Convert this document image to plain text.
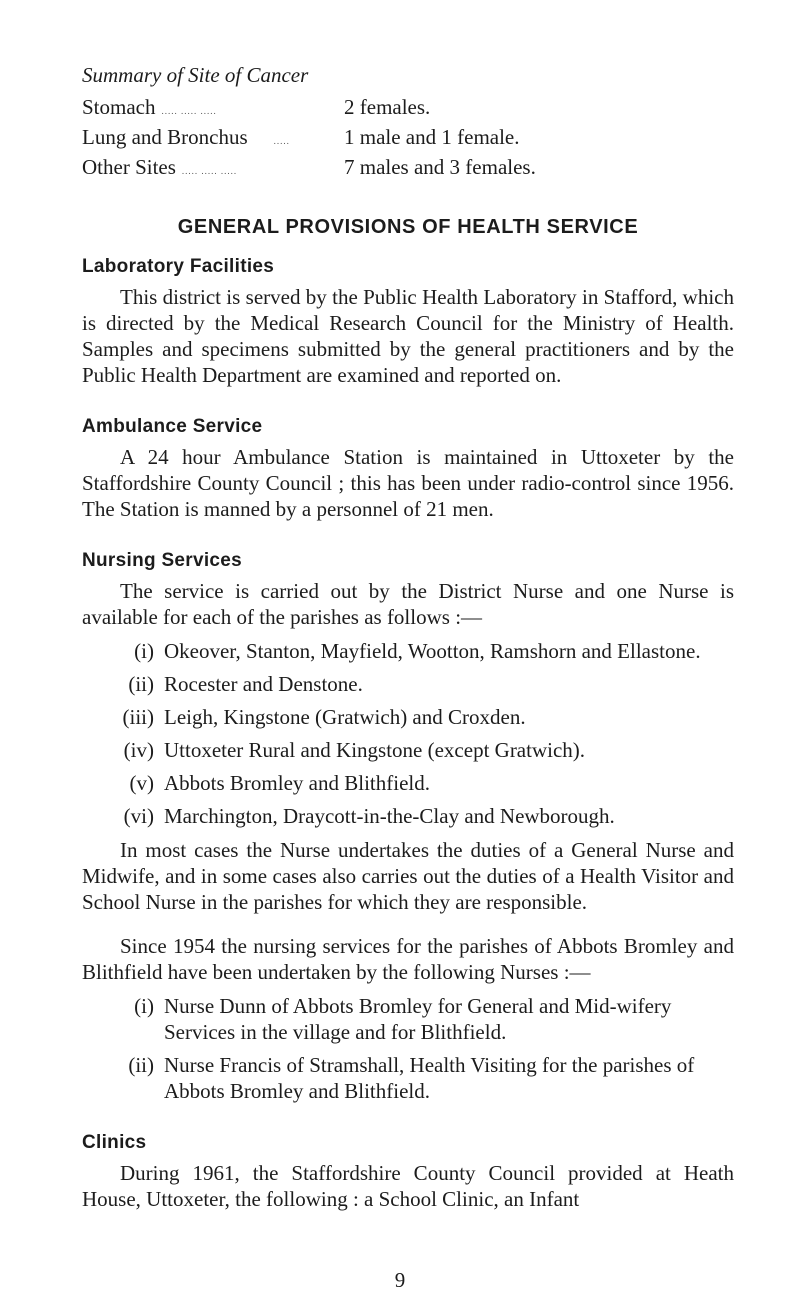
Summary of Site of Cancer
Stomach ..... ..... .....	2 females.
Lung and Bronchus .....	1 male and 1 female.
Other Sites ..... ..... .....	7 males and 3 females.
GENERAL PROVISIONS OF HEALTH SERVICE
Laboratory Facilities

This district is served by the Public Health Laboratory in Stafford, which is directed by the Medical Research Council for the Ministry of Health. Samples and specimens submitted by the general practitioners and by the Public Health Department are examined and reported on.

Ambulance Service

A 24 hour Ambulance Station is maintained in Uttoxeter by the Staffordshire County Council ; this has been under radio-control since 1956. The Station is manned by a personnel of 21 men.

Nursing Services

The service is carried out by the District Nurse and one Nurse is available for each of the parishes as follows :—

(i) Okeover, Stanton, Mayfield, Wootton, Ramshorn and Ellastone.
(ii) Rocester and Denstone.
(iii) Leigh, Kingstone (Gratwich) and Croxden.
(iv) Uttoxeter Rural and Kingstone (except Gratwich).
(v) Abbots Bromley and Blithfield.
(vi) Marchington, Draycott-in-the-Clay and Newborough.

In most cases the Nurse undertakes the duties of a General Nurse and Midwife, and in some cases also carries out the duties of a Health Visitor and School Nurse in the parishes for which they are responsible.

Since 1954 the nursing services for the parishes of Abbots Bromley and Blithfield have been undertaken by the following Nurses :—

(i) Nurse Dunn of Abbots Bromley for General and Mid-wifery Services in the village and for Blithfield.
(ii) Nurse Francis of Stramshall, Health Visiting for the parishes of Abbots Bromley and Blithfield.
Clinics

During 1961, the Staffordshire County Council provided at Heath House, Uttoxeter, the following : a School Clinic, an Infant

9
